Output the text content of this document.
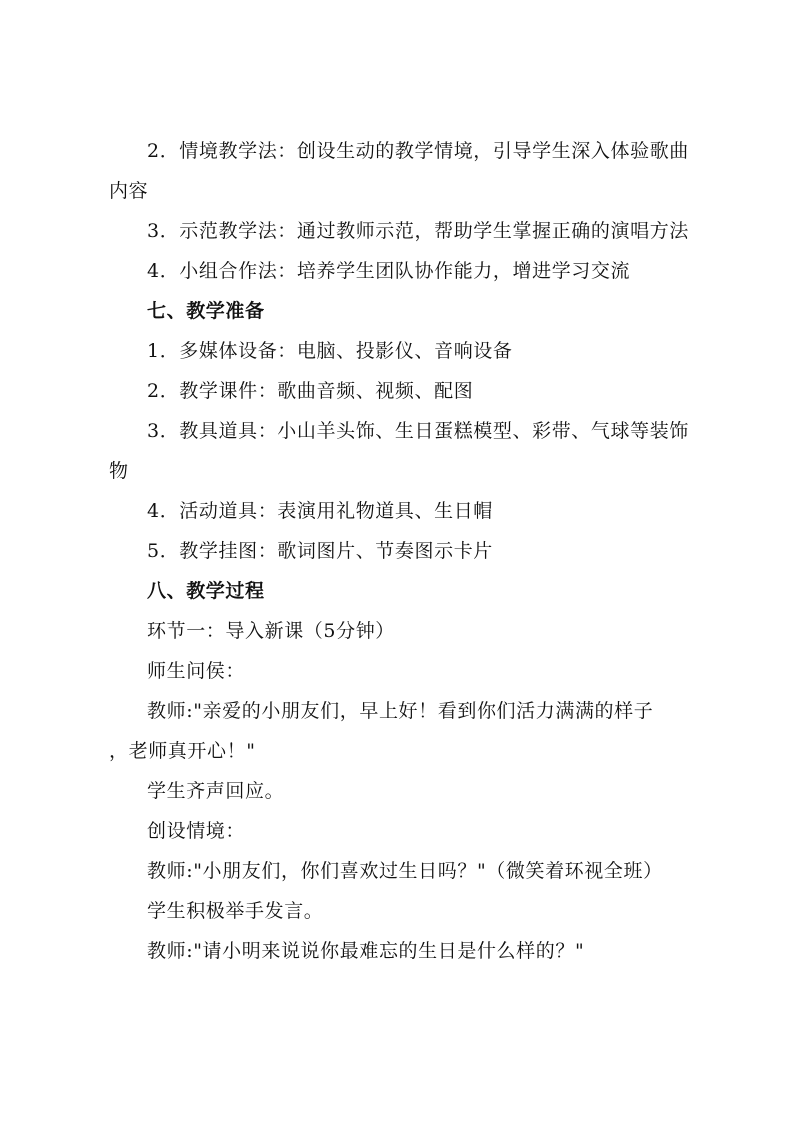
2．情境教学法：创设生动的教学情境，引导学生深入体验歌曲内容

3．示范教学法：通过教师示范，帮助学生掌握正确的演唱方法

4．小组合作法：培养学生团队协作能力，增进学习交流

七、教学准备

1．多媒体设备：电脑、投影仪、音响设备

2．教学课件：歌曲音频、视频、配图

3．教具道具：小山羊头饰、生日蛋糕模型、彩带、气球等装饰物

4．活动道具：表演用礼物道具、生日帽

5．教学挂图：歌词图片、节奏图示卡片

八、教学过程

环节一：导入新课（5分钟）

师生问侯：

教师:"亲爱的小朋友们，早上好！看到你们活力满满的样子

，老师真开心！"

学生齐声回应。

创设情境：

教师:"小朋友们，你们喜欢过生日吗？"（微笑着环视全班）

学生积极举手发言。

教师:"请小明来说说你最难忘的生日是什么样的？"
